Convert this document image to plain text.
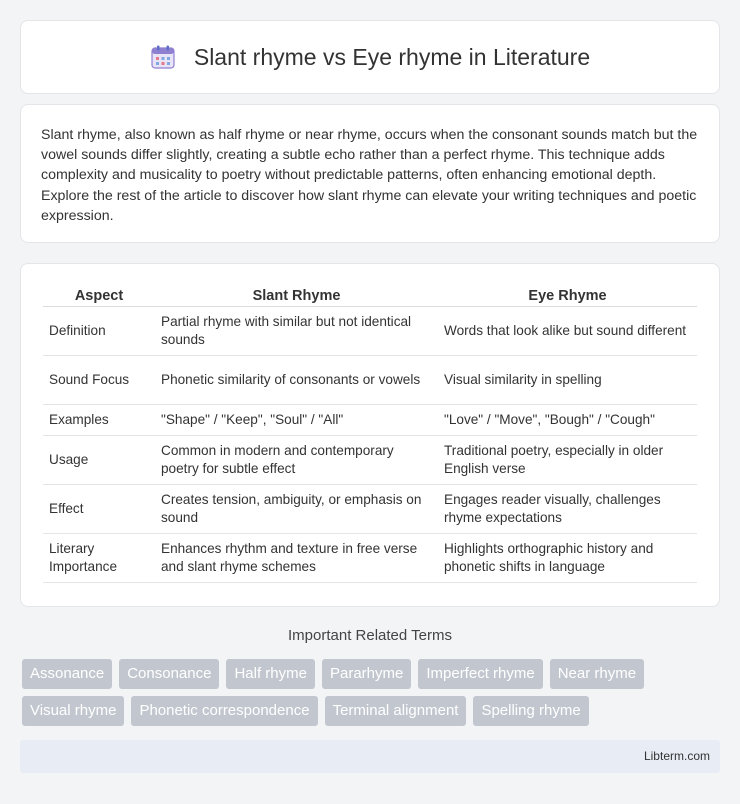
Slant rhyme vs Eye rhyme in Literature

Slant rhyme, also known as half rhyme or near rhyme, occurs when the consonant sounds match but the vowel sounds differ slightly, creating a subtle echo rather than a perfect rhyme. This technique adds complexity and musicality to poetry without predictable patterns, often enhancing emotional depth. Explore the rest of the article to discover how slant rhyme can elevate your writing techniques and poetic expression.

Aspect	Slant Rhyme	Eye Rhyme
Definition	Partial rhyme with similar but not identical sounds	Words that look alike but sound different
Sound Focus	Phonetic similarity of consonants or vowels	Visual similarity in spelling
Examples	"Shape" / "Keep", "Soul" / "All"	"Love" / "Move", "Bough" / "Cough"
Usage	Common in modern and contemporary poetry for subtle effect	Traditional poetry, especially in older English verse
Effect	Creates tension, ambiguity, or emphasis on sound	Engages reader visually, challenges rhyme expectations
Literary Importance	Enhances rhythm and texture in free verse and slant rhyme schemes	Highlights orthographic history and phonetic shifts in language
Important Related Terms
Assonance	Consonance	Half rhyme	Pararhyme	Imperfect rhyme	Near rhyme
Visual rhyme	Phonetic correspondence	Terminal alignment	Spelling rhyme
Libterm.com
